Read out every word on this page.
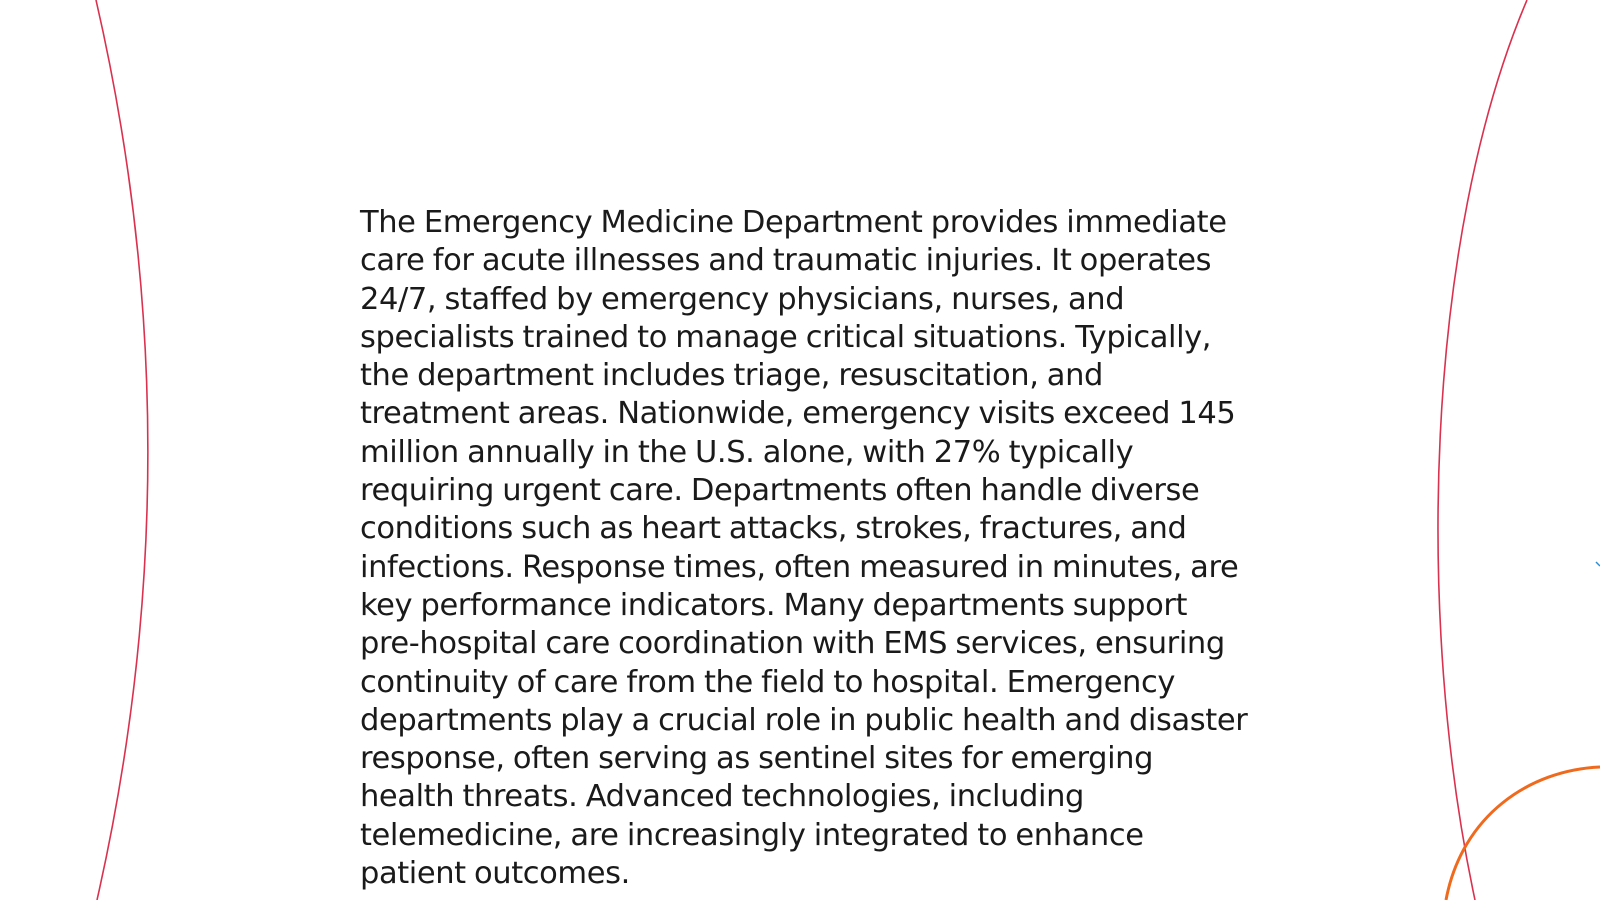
The Emergency Medicine Department provides immediate care for acute illnesses and traumatic injuries. It operates 24/7, staffed by emergency physicians, nurses, and specialists trained to manage critical situations. Typically, the department includes triage, resuscitation, and treatment areas. Nationwide, emergency visits exceed 145 million annually in the U.S. alone, with 27% typically requiring urgent care. Departments often handle diverse conditions such as heart attacks, strokes, fractures, and infections. Response times, often measured in minutes, are key performance indicators. Many departments support pre-hospital care coordination with EMS services, ensuring continuity of care from the field to hospital. Emergency departments play a crucial role in public health and disaster response, often serving as sentinel sites for emerging health threats. Advanced technologies, including telemedicine, are increasingly integrated to enhance patient outcomes.
